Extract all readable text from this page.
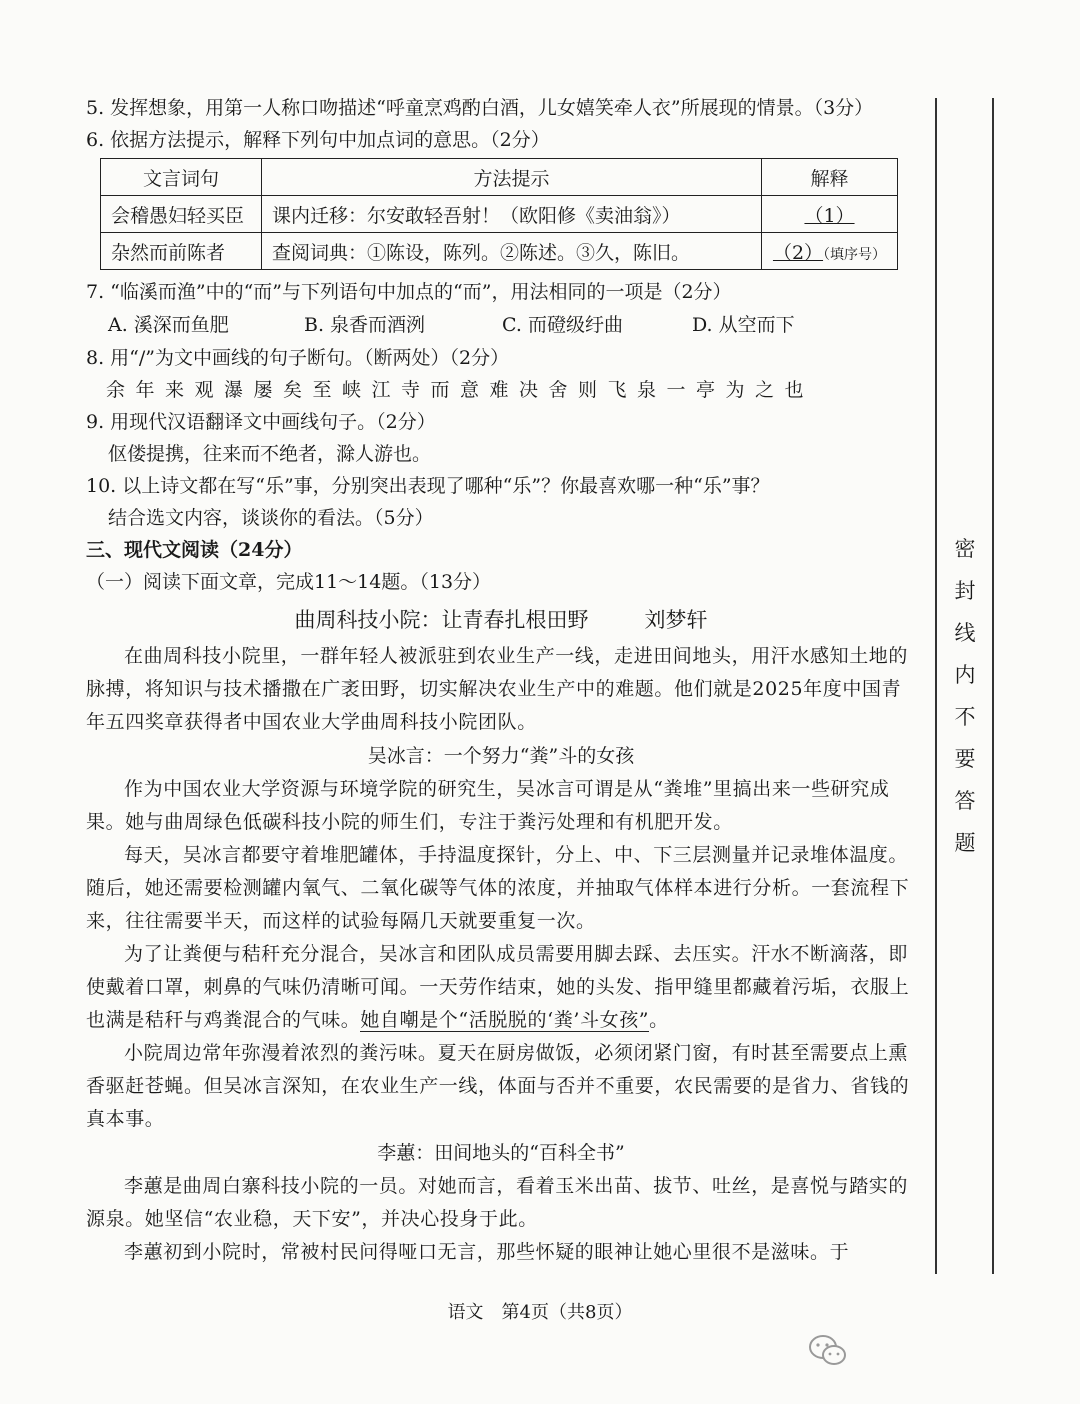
5. 发挥想象，用第一人称口吻描述“呼童烹鸡酌白酒，儿女嬉笑牵人衣”所展现的情景。（3分）
6. 依据方法提示，解释下列句中加点词的意思。（2分）
文言词句	方法提示	解释
会稽愚妇轻买臣	课内迁移：尔安敢轻吾射！（欧阳修《卖油翁》）	（1）
杂然而前陈者	查阅词典：①陈设，陈列。②陈述。③久，陈旧。	（2）（填序号）
7. “临溪而渔”中的“而”与下列语句中加点的“而”，用法相同的一项是（2分）
A. 溪深而鱼肥	B. 泉香而酒洌	C. 而磴级纡曲	D. 从空而下
8. 用“/”为文中画线的句子断句。（断两处）（2分）
余年来观瀑屡矣至峡江寺而意难决舍则飞泉一亭为之也
9. 用现代汉语翻译文中画线句子。（2分）
伛偻提携，往来而不绝者，滁人游也。
10. 以上诗文都在写“乐”事，分别突出表现了哪种“乐”？你最喜欢哪一种“乐”事？
结合选文内容，谈谈你的看法。（5分）
三、现代文阅读（24分）
（一）阅读下面文章，完成11～14题。（13分）
曲周科技小院：让青春扎根田野	刘梦轩
在曲周科技小院里，一群年轻人被派驻到农业生产一线，走进田间地头，用汗水感知土地的脉搏，将知识与技术播撒在广袤田野，切实解决农业生产中的难题。他们就是2025年度中国青年五四奖章获得者中国农业大学曲周科技小院团队。
吴冰言：一个努力“粪”斗的女孩
作为中国农业大学资源与环境学院的研究生，吴冰言可谓是从“粪堆”里搞出来一些研究成果。她与曲周绿色低碳科技小院的师生们，专注于粪污处理和有机肥开发。
每天，吴冰言都要守着堆肥罐体，手持温度探针，分上、中、下三层测量并记录堆体温度。随后，她还需要检测罐内氧气、二氧化碳等气体的浓度，并抽取气体样本进行分析。一套流程下来，往往需要半天，而这样的试验每隔几天就要重复一次。
为了让粪便与秸秆充分混合，吴冰言和团队成员需要用脚去踩、去压实。汗水不断滴落，即使戴着口罩，刺鼻的气味仍清晰可闻。一天劳作结束，她的头发、指甲缝里都藏着污垢，衣服上也满是秸秆与鸡粪混合的气味。她自嘲是个“活脱脱的‘粪’斗女孩”。
小院周边常年弥漫着浓烈的粪污味。夏天在厨房做饭，必须闭紧门窗，有时甚至需要点上熏香驱赶苍蝇。但吴冰言深知，在农业生产一线，体面与否并不重要，农民需要的是省力、省钱的真本事。
李蕙：田间地头的“百科全书”
李蕙是曲周白寨科技小院的一员。对她而言，看着玉米出苗、拔节、吐丝，是喜悦与踏实的源泉。她坚信“农业稳，天下安”，并决心投身于此。
李蕙初到小院时，常被村民问得哑口无言，那些怀疑的眼神让她心里很不是滋味。于
密
封
线
内
不
要
答
题
语文　第4页（共8页）
